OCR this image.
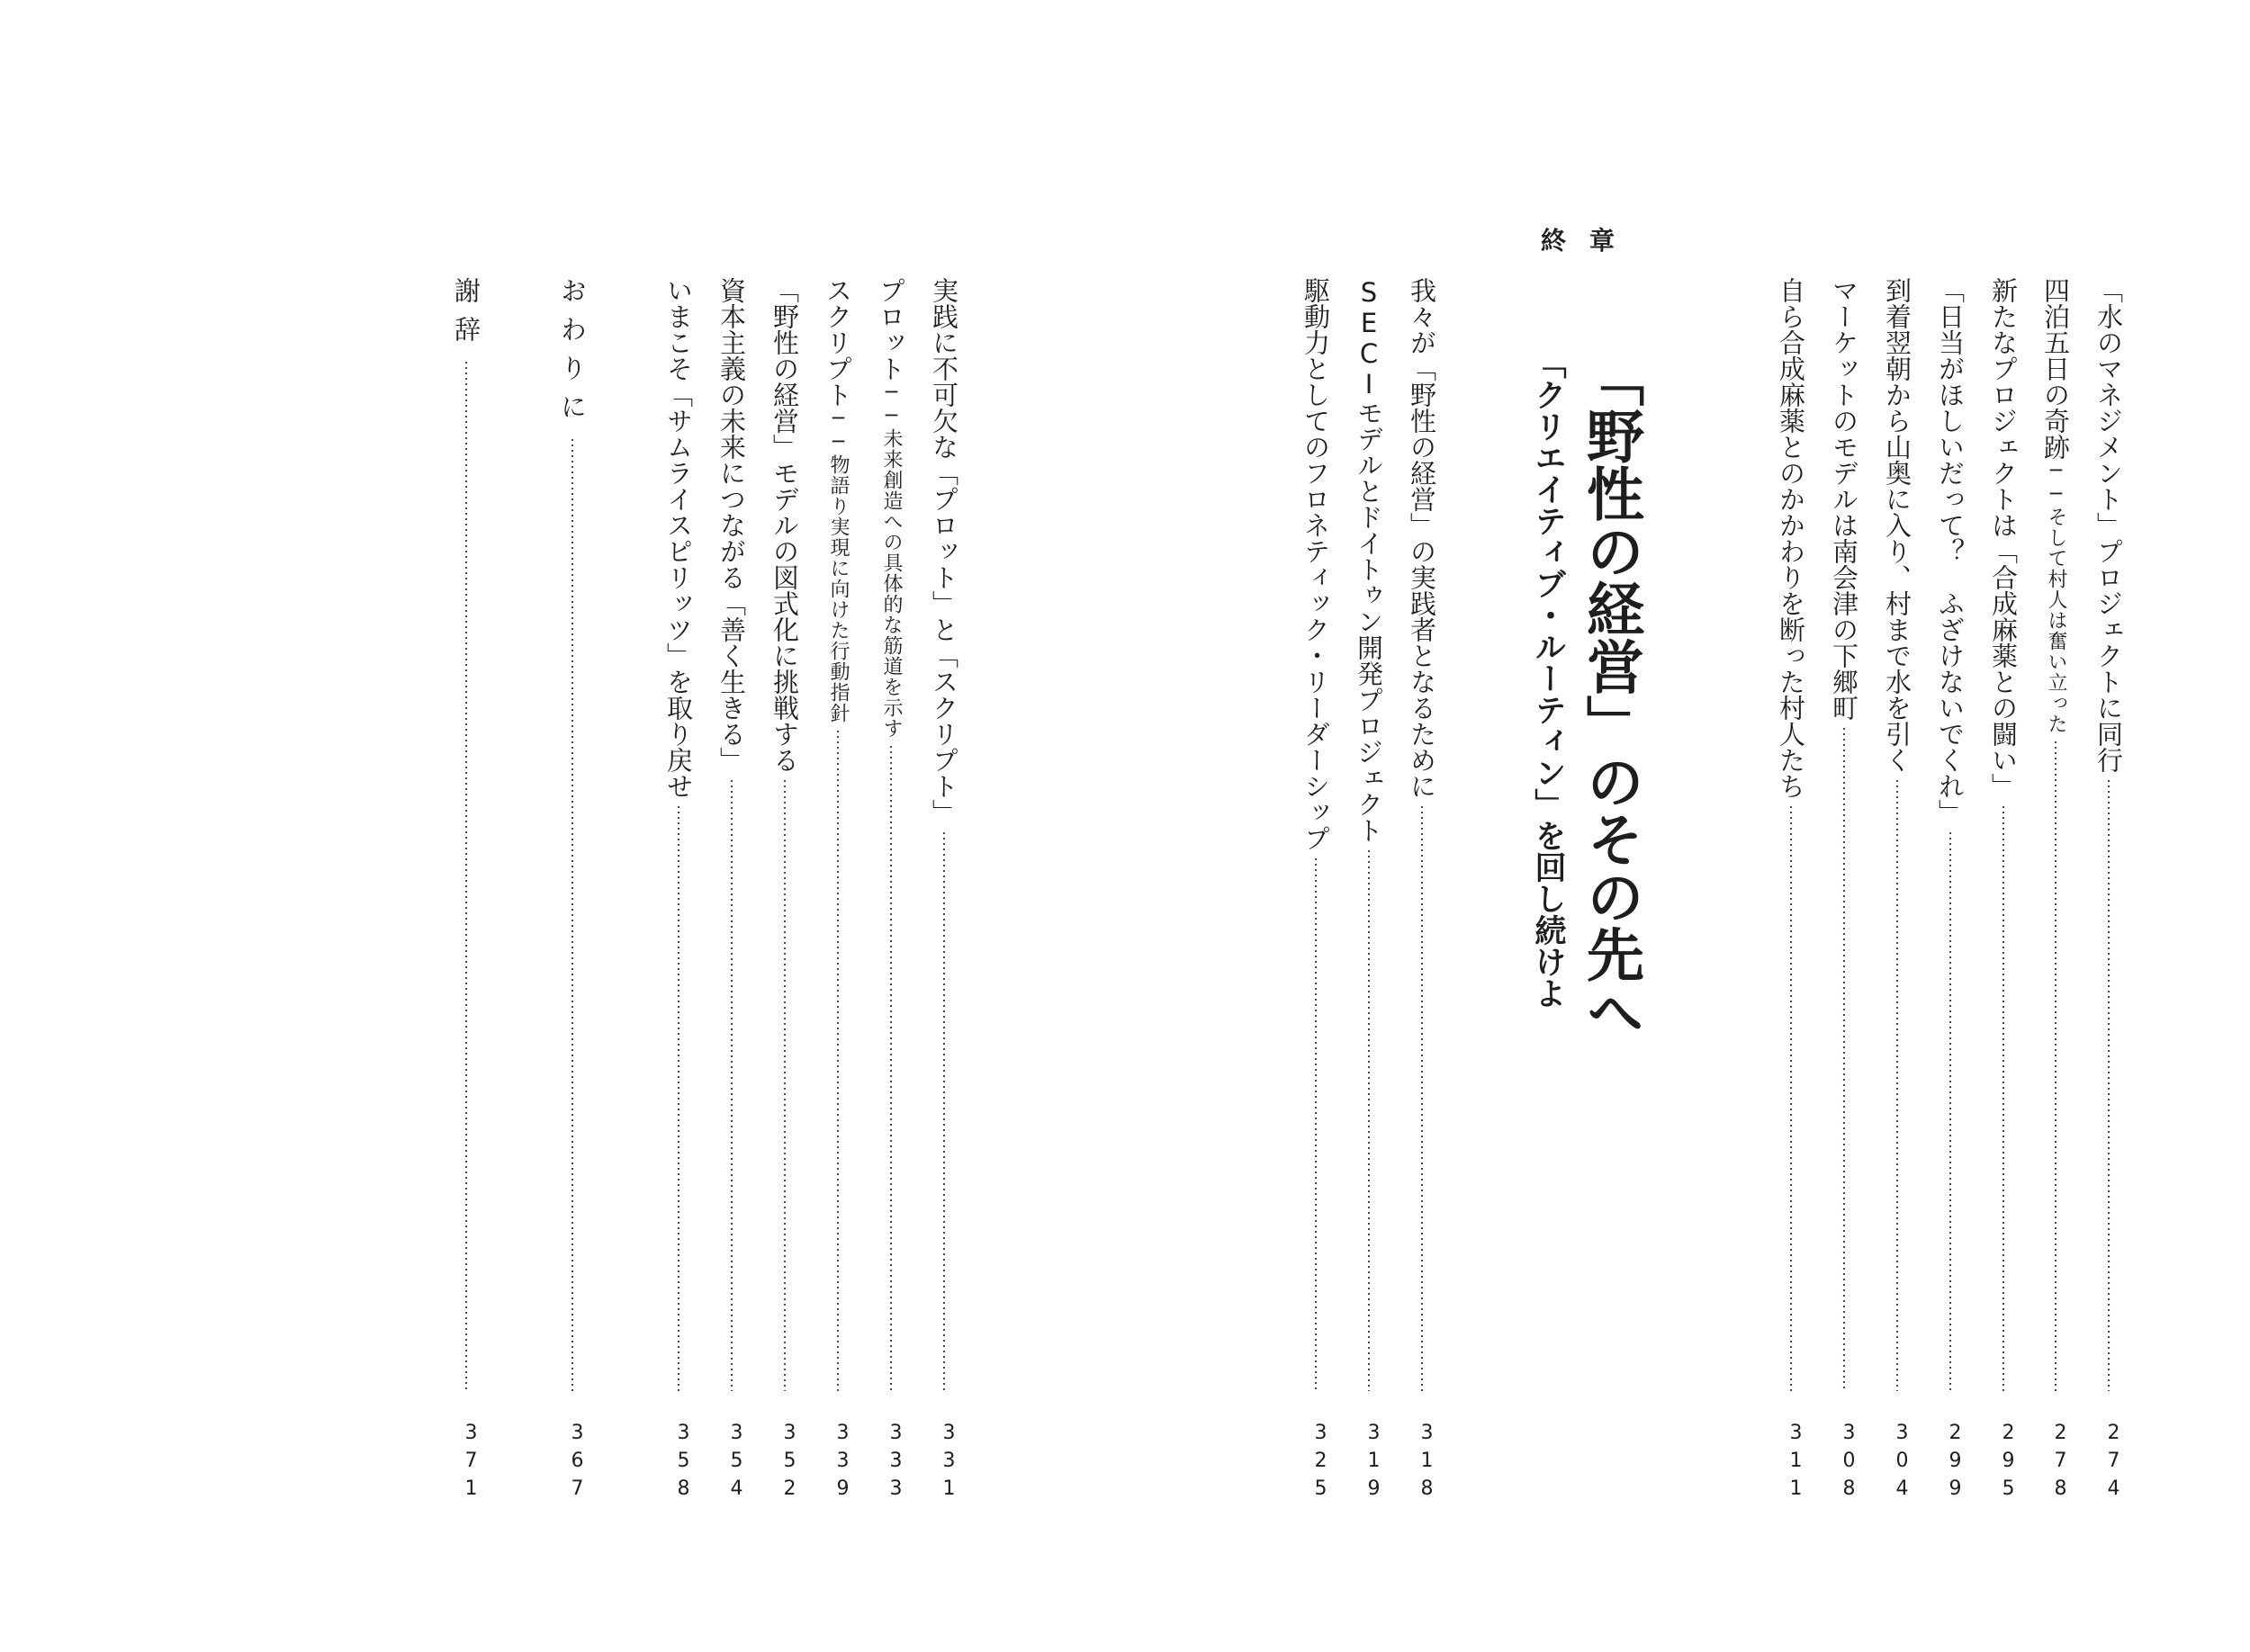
「水のマネジメント」プロジェクトに同行
274
四泊五日の奇跡
──そして村人は奮い立った
278
新たなプロジェクトは「合成麻薬との闘い」
295
「日当がほしいだって？　ふざけないでくれ」
299
到着翌朝から山奥に入り、村まで水を引く
304
マーケットのモデルは南会津の下郷町
308
自ら合成麻薬とのかかわりを断った村人たち
311
終章
「野性の経営」のその先へ
「クリエイティブ・ルーティン」を回し続けよ
我々が「野性の経営」の実践者となるために
318
SECIモデルとドイトゥン開発プロジェクト
319
駆動力としてのフロネティック・リーダーシップ
325
実践に不可欠な「プロット」と「スクリプト」
331
プロット
──未来創造への具体的な筋道を示す
333
スクリプト
──物語り実現に向けた行動指針
339
「野性の経営」モデルの図式化に挑戦する
352
資本主義の未来につながる「善く生きる」
354
いまこそ「サムライスピリッツ」を取り戻せ
358
おわりに
367
謝辞
371
